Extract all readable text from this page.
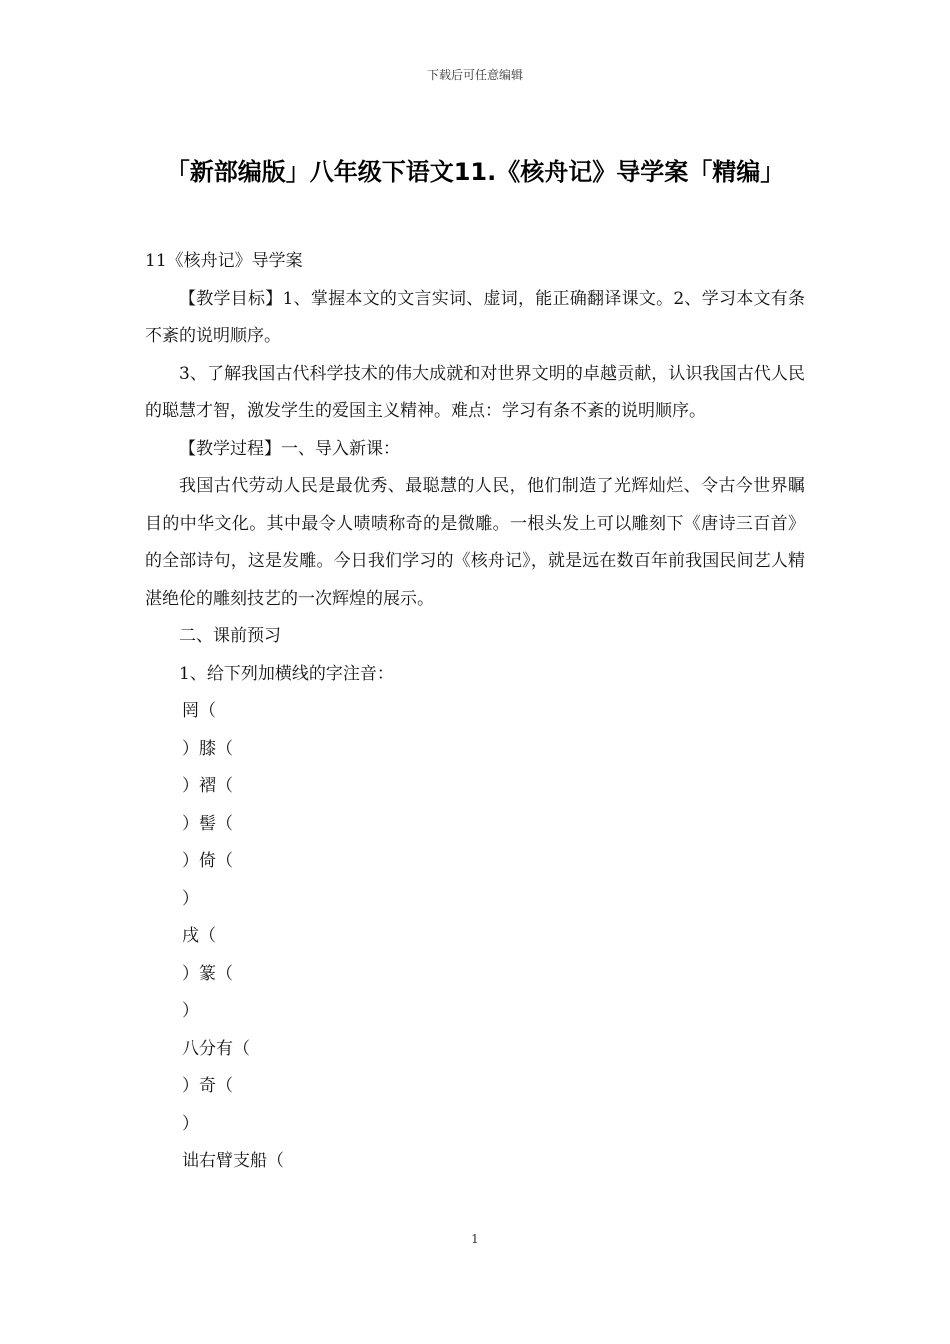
下载后可任意编辑
「新部编版」八年级下语文11.《核舟记》导学案「精编」

11《核舟记》导学案

【教学目标】1、掌握本文的文言实词、虚词，能正确翻译课文。2、学习本文有条不紊的说明顺序。

3、了解我国古代科学技术的伟大成就和对世界文明的卓越贡献，认识我国古代人民的聪慧才智，激发学生的爱国主义精神。难点：学习有条不紊的说明顺序。

【教学过程】一、导入新课：

我国古代劳动人民是最优秀、最聪慧的人民，他们制造了光辉灿烂、令古今世界瞩目的中华文化。其中最令人啧啧称奇的是微雕。一根头发上可以雕刻下《唐诗三百首》的全部诗句，这是发雕。今日我们学习的《核舟记》，就是远在数百年前我国民间艺人精湛绝伦的雕刻技艺的一次辉煌的展示。

二、课前预习

1、给下列加横线的字注音：

罔（

）膝（

）褶（

）髻（

）倚（

）

戌（

）篆（

）

八分有（

）奇（

）

诎右臂支船（

1
